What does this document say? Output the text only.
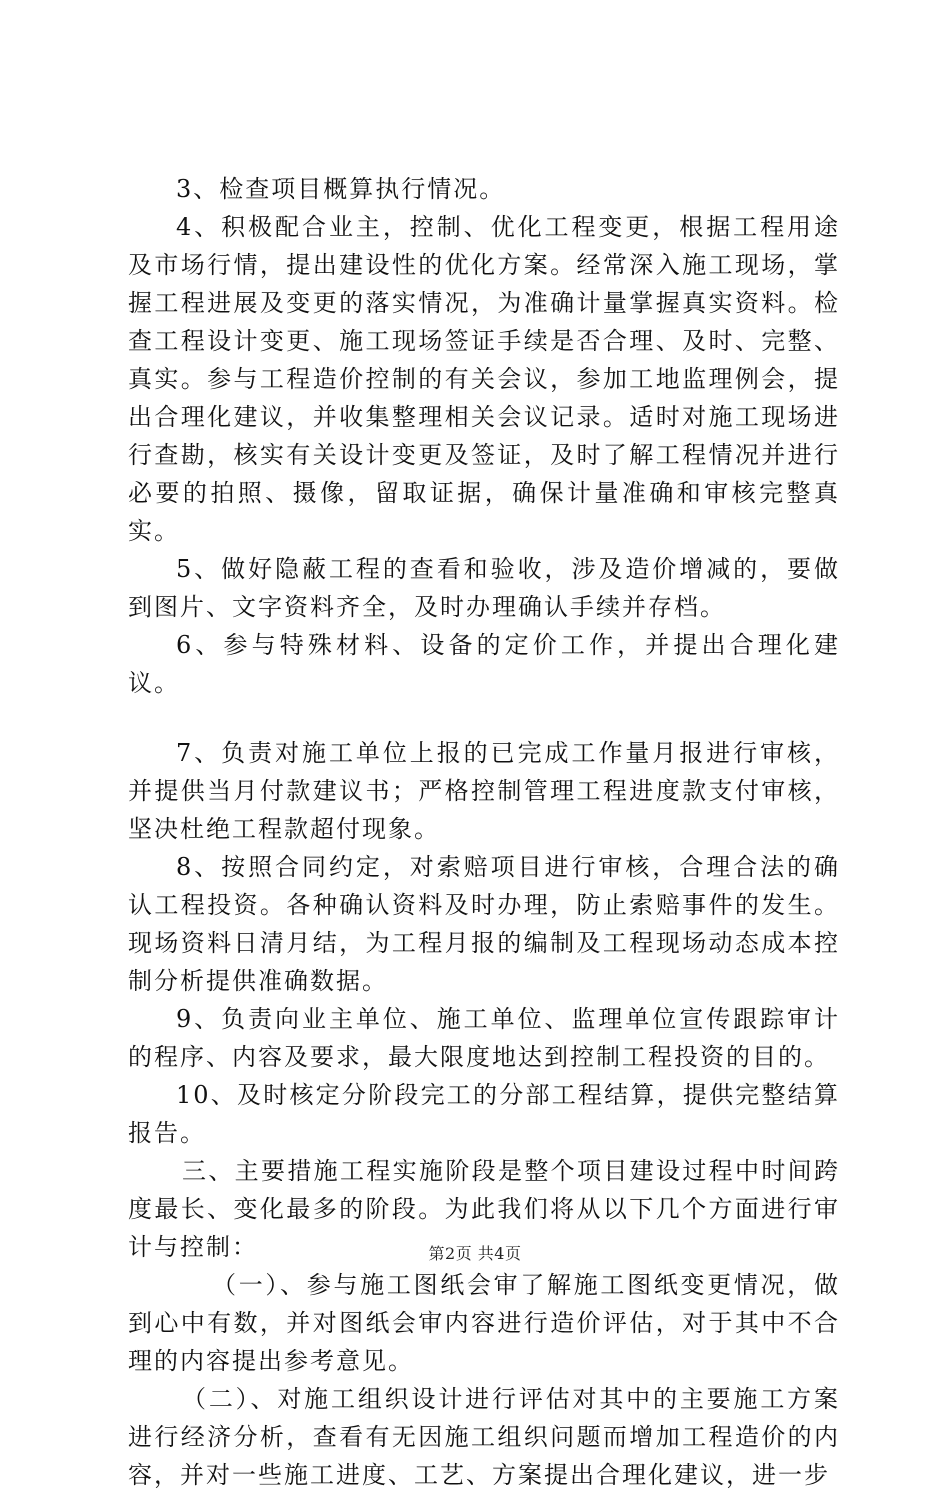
3、检查项目概算执行情况。

4、积极配合业主，控制、优化工程变更，根据工程用途及市场行情，提出建设性的优化方案。经常深入施工现场，掌握工程进展及变更的落实情况，为准确计量掌握真实资料。检查工程设计变更、施工现场签证手续是否合理、及时、完整、真实。参与工程造价控制的有关会议，参加工地监理例会，提出合理化建议，并收集整理相关会议记录。适时对施工现场进行查勘，核实有关设计变更及签证，及时了解工程情况并进行必要的拍照、摄像，留取证据，确保计量准确和审核完整真实。

5、做好隐蔽工程的查看和验收，涉及造价增减的，要做到图片、文字资料齐全，及时办理确认手续并存档。

6、参与特殊材料、设备的定价工作，并提出合理化建议。

7、负责对施工单位上报的已完成工作量月报进行审核，并提供当月付款建议书；严格控制管理工程进度款支付审核，坚决杜绝工程款超付现象。

8、按照合同约定，对索赔项目进行审核，合理合法的确认工程投资。各种确认资料及时办理，防止索赔事件的发生。现场资料日清月结，为工程月报的编制及工程现场动态成本控制分析提供准确数据。

9、负责向业主单位、施工单位、监理单位宣传跟踪审计的程序、内容及要求，最大限度地达到控制工程投资的目的。

10、及时核定分阶段完工的分部工程结算，提供完整结算报告。

三、主要措施工程实施阶段是整个项目建设过程中时间跨度最长、变化最多的阶段。为此我们将从以下几个方面进行审计与控制：

（一）、参与施工图纸会审了解施工图纸变更情况，做到心中有数，并对图纸会审内容进行造价评估，对于其中不合理的内容提出参考意见。

（二）、对施工组织设计进行评估对其中的主要施工方案进行经济分析，查看有无因施工组织问题而增加工程造价的内容，并对一些施工进度、工艺、方案提出合理化建议，进一步

第2页 共4页
